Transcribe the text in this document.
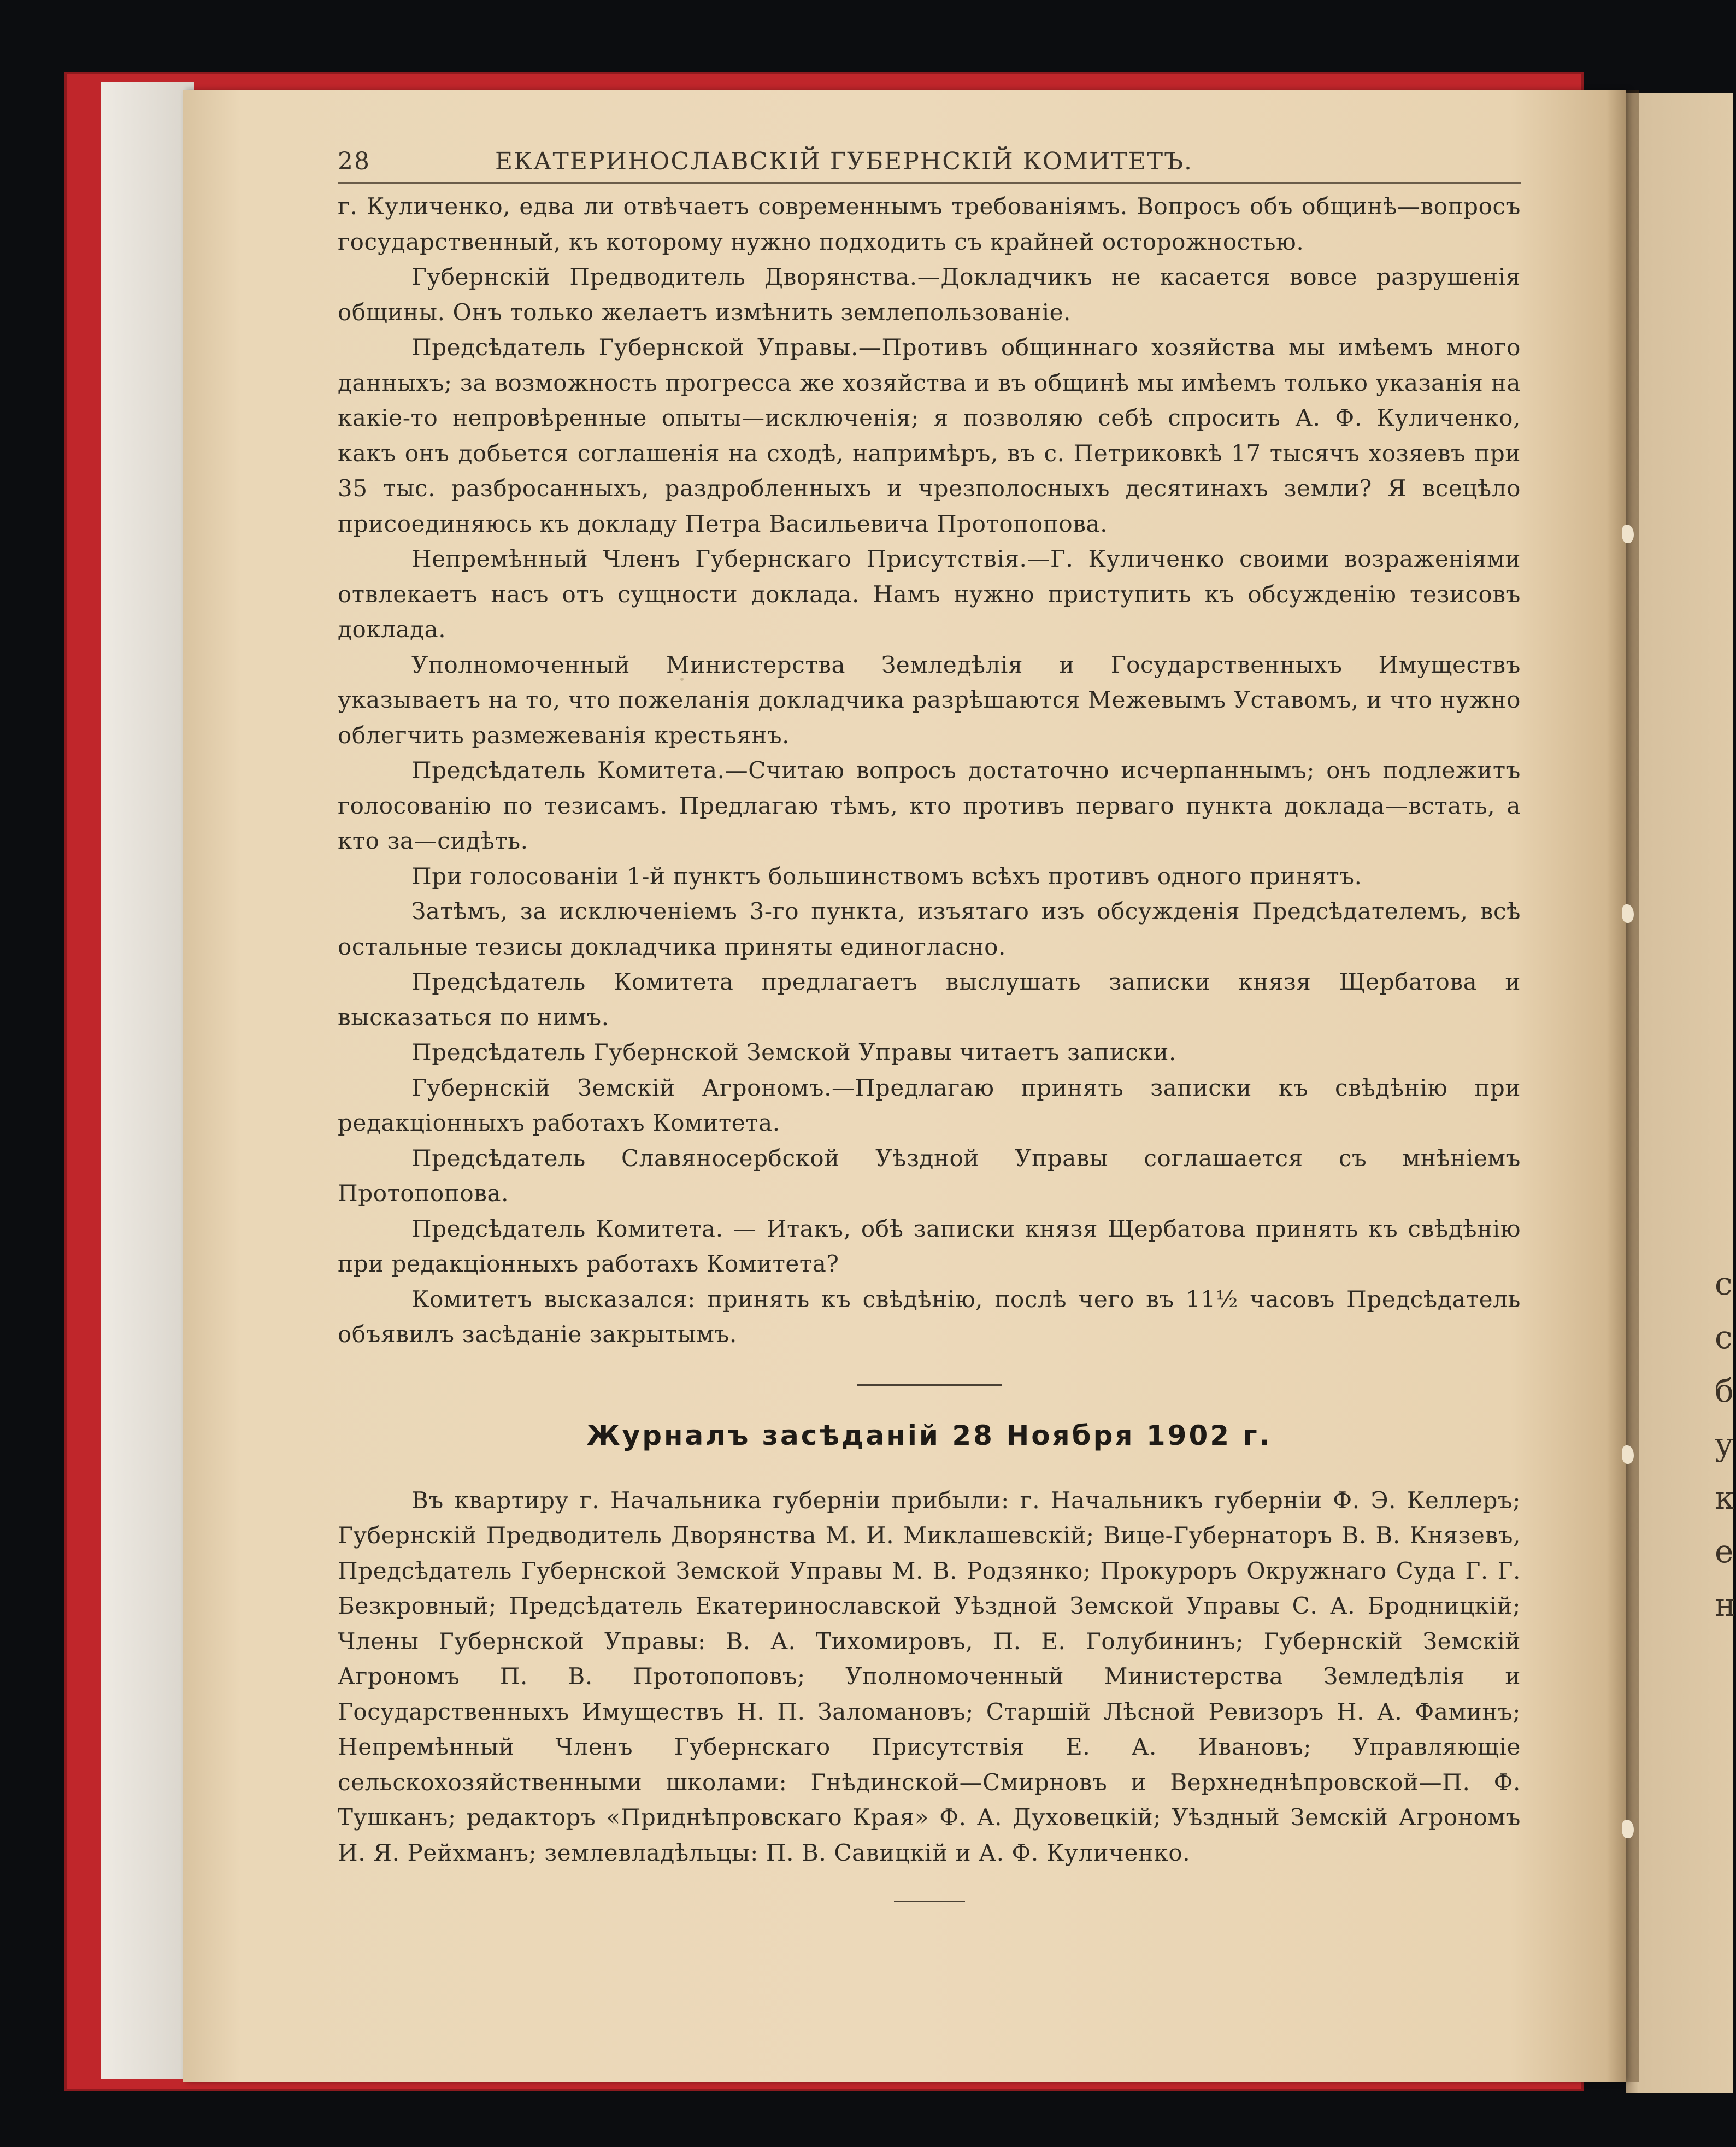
с
с
б
у
к
е
н
28	ЕКАТЕРИНОСЛАВСКІЙ ГУБЕРНСКІЙ КОМИТЕТЪ.

г. Куличенко, едва ли отвѣчаетъ современнымъ требованіямъ. Вопросъ объ общинѣ—вопросъ государственный, къ которому нужно подходить съ крайней осторожностью.

Губернскій Предводитель Дворянства.—Докладчикъ не касается вовсе разрушенія общины. Онъ только желаетъ измѣнить землепользованіе.

Предсѣдатель Губернской Управы.—Противъ общиннаго хозяйства мы имѣемъ много данныхъ; за возможность прогресса же хозяйства и въ общинѣ мы имѣемъ только указанія на какіе-то непровѣренные опыты—исключенія; я позволяю себѣ спросить А. Ф. Куличенко, какъ онъ добьется соглашенія на сходѣ, напримѣръ, въ с. Петриковкѣ 17 тысячъ хозяевъ при 35 тыс. разбросанныхъ, раздробленныхъ и чрезполосныхъ десятинахъ земли? Я всецѣло присоединяюсь къ докладу Петра Васильевича Протопопова.

Непремѣнный Членъ Губернскаго Присутствія.—Г. Куличенко своими возраженіями отвлекаетъ насъ отъ сущности доклада. Намъ нужно приступить къ обсужденію тезисовъ доклада.

Уполномоченный Министерства Земледѣлія и Государственныхъ Имуществъ указываетъ на то, что пожеланія докладчика разрѣшаются Межевымъ Уставомъ, и что нужно облегчить размежеванія крестьянъ.

Предсѣдатель Комитета.—Считаю вопросъ достаточно исчерпаннымъ; онъ подлежитъ голосованію по тезисамъ. Предлагаю тѣмъ, кто противъ перваго пункта доклада—встать, а кто за—сидѣть.

При голосованіи 1-й пунктъ большинствомъ всѣхъ противъ одного принятъ.

Затѣмъ, за исключеніемъ 3-го пункта, изъятаго изъ обсужденія Предсѣдателемъ, всѣ остальные тезисы докладчика приняты единогласно.

Предсѣдатель Комитета предлагаетъ выслушать записки князя Щербатова и высказаться по нимъ.

Предсѣдатель Губернской Земской Управы читаетъ записки.

Губернскій Земскій Агрономъ.—Предлагаю принять записки къ свѣдѣнію при редакціонныхъ работахъ Комитета.

Предсѣдатель Славяносербской Уѣздной Управы соглашается съ мнѣніемъ Протопопова.

Предсѣдатель Комитета. — Итакъ, обѣ записки князя Щербатова принять къ свѣдѣнію при редакціонныхъ работахъ Комитета?

Комитетъ высказался: принять къ свѣдѣнію, послѣ чего въ 11½ часовъ Предсѣдатель объявилъ засѣданіе закрытымъ.

Журналъ засѣданій 28 Ноября 1902 г.

Въ квартиру г. Начальника губерніи прибыли: г. Начальникъ губерніи Ф. Э. Келлеръ; Губернскій Предводитель Дворянства М. И. Миклашевскій; Вице-Губернаторъ В. В. Князевъ, Предсѣдатель Губернской Земской Управы М. В. Родзянко; Прокуроръ Окружнаго Суда Г. Г. Безкровный; Предсѣдатель Екатеринославской Уѣздной Земской Управы С. А. Бродницкій; Члены Губернской Управы: В. А. Тихомировъ, П. Е. Голубининъ; Губернскій Земскій Агрономъ П. В. Протопоповъ; Уполномоченный Министерства Земледѣлія и Государственныхъ Имуществъ Н. П. Заломановъ; Старшій Лѣсной Ревизоръ Н. А. Фаминъ; Непремѣнный Членъ Губернскаго Присутствія Е. А. Ивановъ; Управляющіе сельскохозяйственными школами: Гнѣдинской—Смирновъ и Верхнеднѣпровской—П. Ф. Тушканъ; редакторъ «Приднѣпровскаго Края» Ф. А. Духовецкій; Уѣздный Земскій Агрономъ И. Я. Рейхманъ; землевладѣльцы: П. В. Савицкій и А. Ф. Куличенко.
